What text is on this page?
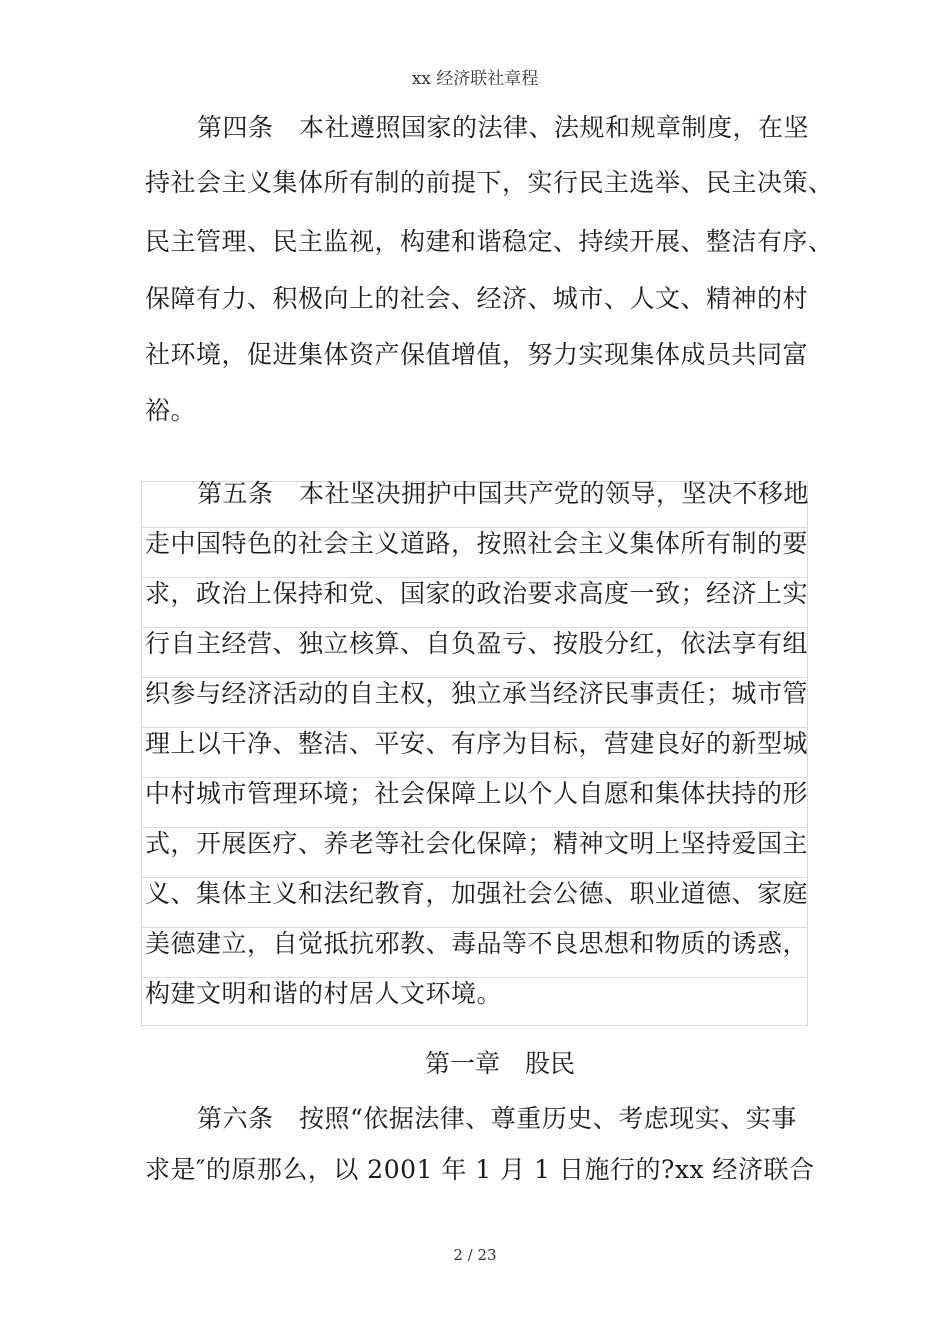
xx 经济联社章程
第四条　本社遵照国家的法律、法规和规章制度，在坚
持社会主义集体所有制的前提下，实行民主选举、民主决策、
民主管理、民主监视，构建和谐稳定、持续开展、整洁有序、
保障有力、积极向上的社会、经济、城市、人文、精神的村
社环境，促进集体资产保值增值，努力实现集体成员共同富
裕。
第五条　本社坚决拥护中国共产党的领导，坚决不移地
走中国特色的社会主义道路，按照社会主义集体所有制的要
求，政治上保持和党、国家的政治要求高度一致；经济上实
行自主经营、独立核算、自负盈亏、按股分红，依法享有组
织参与经济活动的自主权，独立承当经济民事责任；城市管
理上以干净、整洁、平安、有序为目标，营建良好的新型城
中村城市管理环境；社会保障上以个人自愿和集体扶持的形
式，开展医疗、养老等社会化保障；精神文明上坚持爱国主
义、集体主义和法纪教育，加强社会公德、职业道德、家庭
美德建立，自觉抵抗邪教、毒品等不良思想和物质的诱惑，
构建文明和谐的村居人文环境。
第一章　股民
第六条　按照“依据法律、尊重历史、考虑现实、实事
求是″的原那么，以 2001 年 1 月 1 日施行的?xx 经济联合
2 / 23
